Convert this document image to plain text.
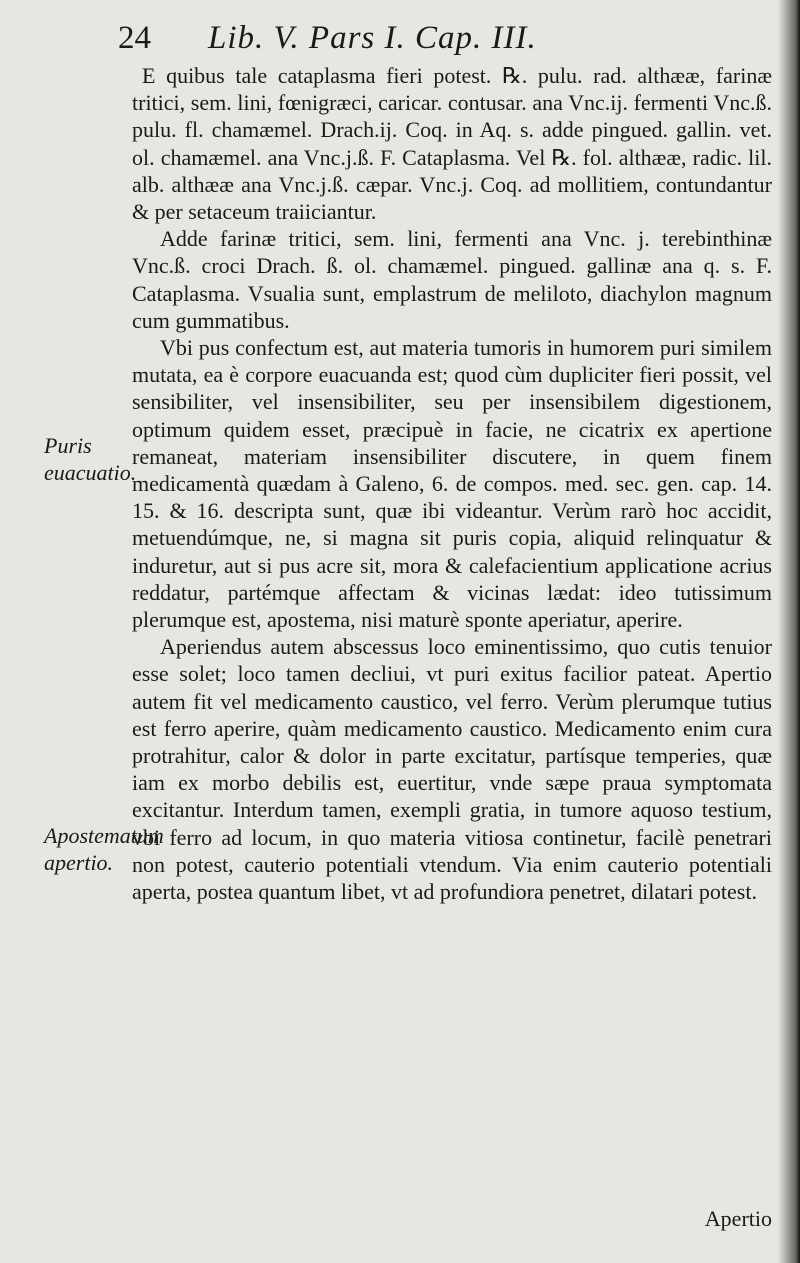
24	Lib. V. Pars I. Cap. III.

E quibus tale cataplasma fieri potest. ℞. pulu. rad. althææ, farinæ tritici, sem. lini, fœnigræci, caricar. contusar. ana Vnc.ij. fermenti Vnc.ß. pulu. fl. chamæmel. Drach.ij. Coq. in Aq. s. adde pingued. gallin. vet. ol. chamæmel. ana Vnc.j.ß. F. Cataplasma. Vel ℞. fol. althææ, radic. lil. alb. althææ ana Vnc.j.ß. cæpar. Vnc.j. Coq. ad mollitiem, contundantur & per setaceum traiiciantur.

Adde farinæ tritici, sem. lini, fermenti ana Vnc. j. terebinthinæ Vnc.ß. croci Drach. ß. ol. chamæmel. pingued. gallinæ ana q. s. F. Cataplasma. Vsualia sunt, emplastrum de meliloto, diachylon magnum cum gummatibus.

Vbi pus confectum est, aut materia tumoris in humorem puri similem mutata, ea è corpore euacuanda est; quod cùm dupliciter fieri possit, vel sensibiliter, vel insensibiliter, seu per insensibilem digestionem, optimum quidem esset, præcipuè in facie, ne cicatrix ex apertione remaneat, materiam insensibiliter discutere, in quem finem medicamentà quædam à Galeno, 6. de compos. med. sec. gen. cap. 14. 15. & 16. descripta sunt, quæ ibi videantur. Verùm rarò hoc accidit, metuendúmque, ne, si magna sit puris copia, aliquid relinquatur & induretur, aut si pus acre sit, mora & calefacientium applicatione acrius reddatur, partémque affectam & vicinas lædat: ideo tutissimum plerumque est, apostema, nisi maturè sponte aperiatur, aperire.

Aperiendus autem abscessus loco eminentissimo, quo cutis tenuior esse solet; loco tamen decliui, vt puri exitus facilior pateat. Apertio autem fit vel medicamento caustico, vel ferro. Verùm plerumque tutius est ferro aperire, quàm medicamento caustico. Medicamento enim cura protrahitur, calor & dolor in parte excitatur, partísque temperies, quæ iam ex morbo debilis est, euertitur, vnde sæpe praua symptomata excitantur. Interdum tamen, exempli gratia, in tumore aquoso testium, vbi ferro ad locum, in quo materia vitiosa continetur, facilè penetrari non potest, cauterio potentiali vtendum. Via enim cauterio potentiali aperta, postea quantum libet, vt ad profundiora penetret, dilatari potest.

Puris euacuatio.
Apostematum apertio.
Apertio
